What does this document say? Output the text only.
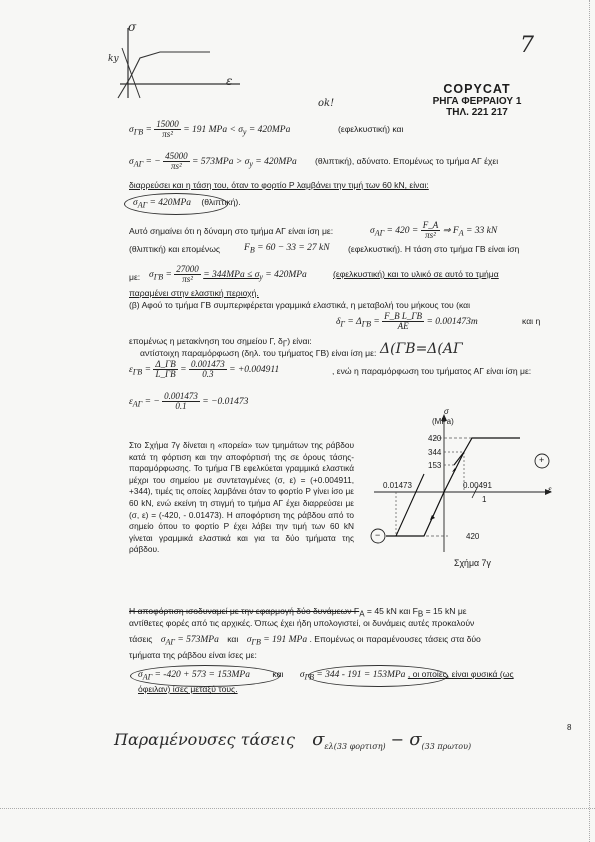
σ
ε
ky
7
ok!
COPYCAT
ΡΗΓΑ ΦΕΡΡΑΙΟΥ 1
ΤΗΛ. 221 217
$\sigma_{\Gamma B} = \frac{15000}{\text{πs²}} = 191$ MPa < $\sigma_y = 420MPa$	(εφελκυστική) και
$\sigma_{A\Gamma}$ = − $\frac{45000}{\text{πs²}} = 573MPa > \sigma_y = 420MPa$ (θλιπτική), αδύνατο. Επομένως το τμήμα ΑΓ έχει
διαρρεύσει και η τάση του, όταν το φορτίο P λαμβάνει την τιμή των 60 kN, είναι:
$\sigma_{A\Gamma} = 420MPa$ (θλιπτική).
Αυτό σημαίνει ότι η δύναμη στο τμήμα ΑΓ είναι ίση με:	$\sigma_{A\Gamma} = 420 = \frac{F\_A}{\text{πs²}}$ ⇒ $F_A = 33$ kN
(θλιπτική) και επομένως	$F_B = 60 - 33 = 27$ kN (εφελκυστική). Η τάση στο τμήμα ΓΒ είναι ίση
με: $\sigma_{\Gamma B} = \frac{27000}{\text{πs²}} = 344MPa \le \sigma_y = 420MPa$	(εφελκυστική) και το υλικό σε αυτό το τμήμα
παραμένει στην ελαστική περιοχή.
(β) Αφού το τμήμα ΓΒ συμπεριφέρεται γραμμικά ελαστικά, η μεταβολή του μήκους του (και
$\delta_\Gamma = \Delta_{\Gamma B} = \frac{\text{F\_B L\_ΓΒ}}{AE} = 0.001473m$	και η
επομένως η μετακίνηση του σημείου Γ, $\delta_\Gamma$) είναι:
αντίστοιχη παραμόρφωση (δηλ. του τμήματος ΓΒ) είναι ίση με: Δ(ΓΒ=Δ(ΑΓ
$\varepsilon_{\Gamma B} = \frac{\Delta\_\Gamma B}{L\_\Gamma B} = \frac{0.001473}{0.3} = +0.004911$	, ενώ η παραμόρφωση του τμήματος ΑΓ είναι ίση με:
$\varepsilon_{A\Gamma}$ = − $\frac{0.001473}{0.1} = -0.01473$
Στο Σχήμα 7γ δίνεται η «πορεία» των τμημάτων της ράβδου κατά τη φόρτιση και την αποφόρτισή της σε όρους τάσης-παραμόρφωσης. Το τμήμα ΓΒ εφελκύεται γραμμικά ελαστικά μέχρι του σημείου με συντεταγμένες (σ, ε) = (+0.004911, +344), τιμές τις οποίες λαμβάνει όταν το φορτίο P γίνει ίσο με 60 kN, ενώ εκείνη τη στιγμή το τμήμα ΑΓ έχει διαρρεύσει με (σ, ε) = (-420, - 0.01473). Η αποφόρτιση της ράβδου από το σημείο όπου το φορτίο P έχει λάβει την τιμή των 60 kN γίνεται γραμμικά ελαστικά και για τα δύο τμήματα της ράβδου.
σ
(MPa)
ε
420
344
153
420
0.01473	0.00491
1
+
−
Σχήμα 7γ
Η αποφόρτιση ισοδυναμεί με την εφαρμογή δύο δυνάμεων $F_A = 45$ kN και $F_B = 15$ kN με
αντίθετες φορές από τις αρχικές. Όπως έχει ήδη υπολογιστεί, οι δυνάμεις αυτές προκαλούν
τάσεις $\sigma_{A\Gamma} = 573MPa$ και $\sigma_{\Gamma B} = 191$ MPa . Επομένως οι παραμένουσες τάσεις στα δύο
τμήματα της ράβδου είναι ίσες με:
$\sigma_{A\Gamma} = -420 + 573 = 153MPa$	και $\sigma_{\Gamma B} = 344 - 191 = 153MPa$ , οι οποίες, είναι φυσικά (ως
όφειλαν) ίσες μεταξύ τους.
Παραμένουσες τάσεις $\sigma_{\varepsilon\lambda(33 \varphi o\rho\tau\iota\sigma\eta)} - \sigma_{(33 \pi\rho\omega\tau o\upsilon)}$
8
